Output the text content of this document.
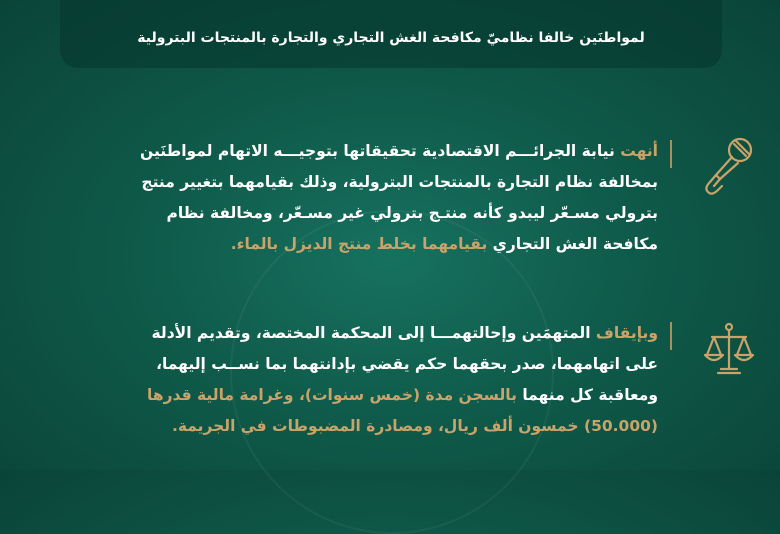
لمواطنَين خالفا نظاميّ مكافحة الغش التجاري والتجارة بالمنتجات البترولية
أنهت نيابة الجرائـــم الاقتصادية تحقيقاتها بتوجيـــه الاتهام لمواطنَين
بمخالفة نظام التجارة بالمنتجات البترولية، وذلك بقيامهما بتغيير منتج
بترولي مسـعّر ليبدو كأنه منتـج بترولي غير مسـعّر، ومخالفة نظام
مكافحة الغش التجاري بقيامهما بخلط منتج الديزل بالماء.
وبإيقاف المتهمَين وإحالتهمـــا إلى المحكمة المختصة، وتقديم الأدلة
على اتهامهما، صدر بحقهما حكم يقضي بإدانتهما بما نســب إليهما،
ومعاقبة كل منهما بالسجن مدة (خمس سنوات)، وغرامة مالية قدرها
(50.000) خمسون ألف ريال، ومصادرة المضبوطات في الجريمة.
